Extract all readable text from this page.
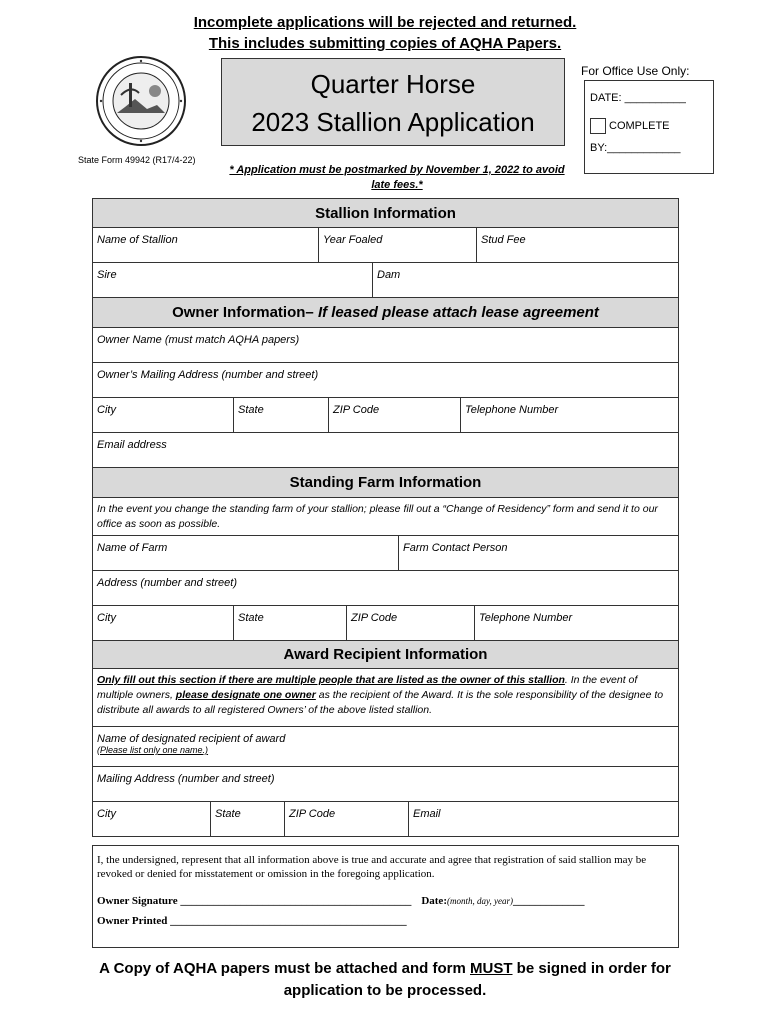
Incomplete applications will be rejected and returned.
This includes submitting copies of AQHA Papers.
State Form 49942 (R17/4-22)
Quarter Horse
2023 Stallion Application
* Application must be postmarked by November 1, 2022 to avoid late fees.*
For Office Use Only:
DATE: __________
COMPLETE
BY:____________
Stallion Information
Name of Stallion	Year Foaled	Stud Fee
Sire	Dam
Owner Information– If leased please attach lease agreement
Owner Name (must match AQHA papers)
Owner’s Mailing Address (number and street)
City	State	ZIP Code	Telephone Number
Email address
Standing Farm Information
In the event you change the standing farm of your stallion; please fill out a “Change of Residency” form and send it to our office as soon as possible.
Name of Farm	Farm Contact Person
Address (number and street)
City	State	ZIP Code	Telephone Number
Award Recipient Information
Only fill out this section if there are multiple people that are listed as the owner of this stallion. In the event of multiple owners, please designate one owner as the recipient of the Award. It is the sole responsibility of the designee to distribute all awards to all registered Owners’ of the above listed stallion.
Name of designated recipient of award
(Please list only one name.)
Mailing Address (number and street)
City	State	ZIP Code	Email
I, the undersigned, represent that all information above is true and accurate and agree that registration of said stallion may be revoked or denied for misstatement or omission in the foregoing application.
Owner Signature __________________________________________ Date:(month, day, year)_____________
Owner Printed ___________________________________________
A Copy of AQHA papers must be attached and form MUST be signed in order for application to be processed.
